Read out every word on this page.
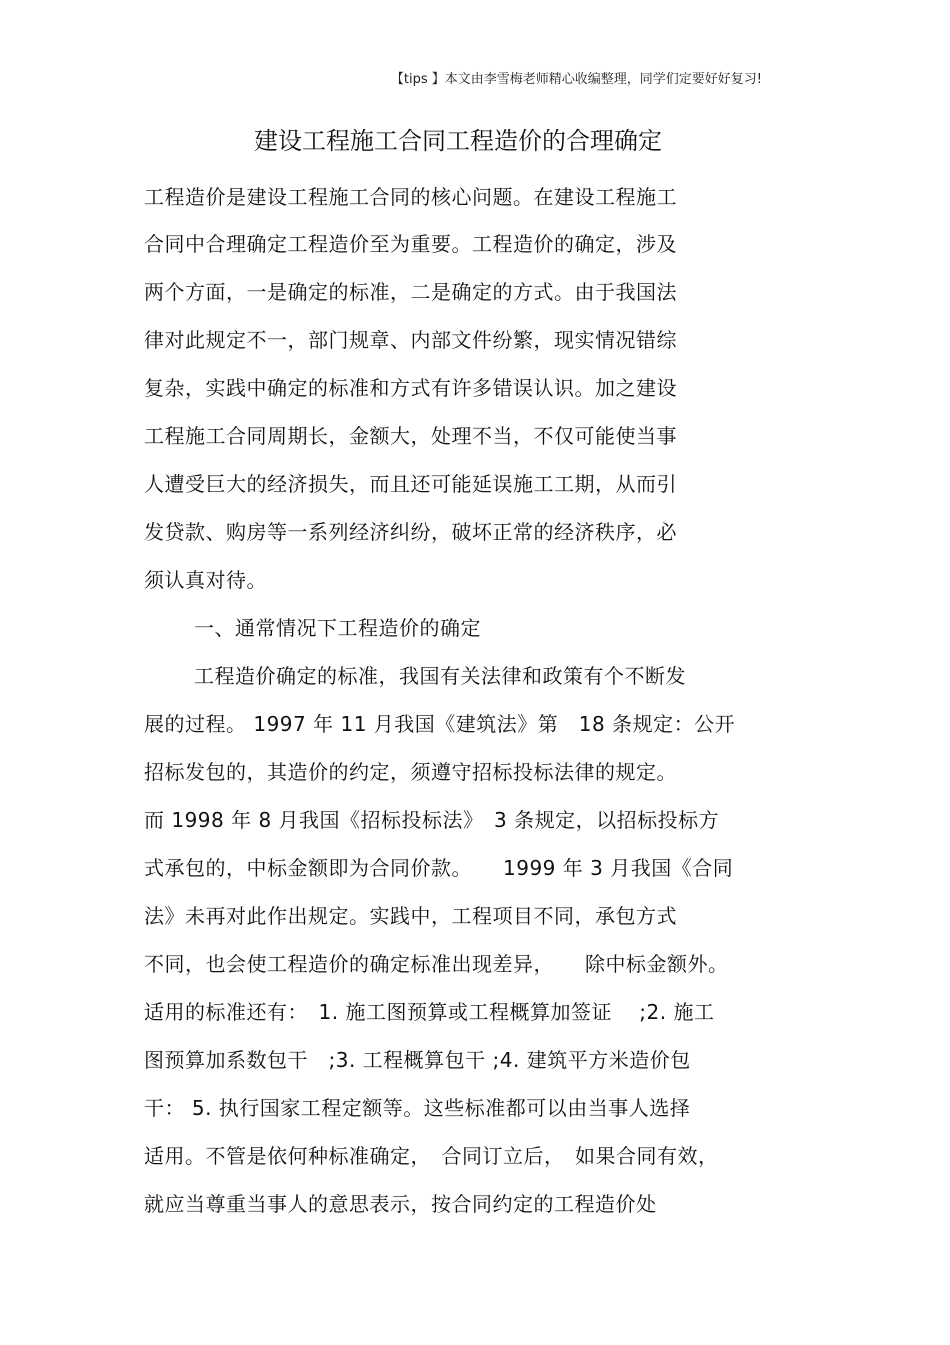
【tips 】本文由李雪梅老师精心收编整理，同学们定要好好复习!
建设工程施工合同工程造价的合理确定
工程造价是建设工程施工合同的核心问题。在建设工程施工
合同中合理确定工程造价至为重要。工程造价的确定，涉及
两个方面，一是确定的标准，二是确定的方式。由于我国法
律对此规定不一，部门规章、内部文件纷繁，现实情况错综
复杂，实践中确定的标准和方式有许多错误认识。加之建设
工程施工合同周期长，金额大，处理不当，不仅可能使当事
人遭受巨大的经济损失，而且还可能延误施工工期，从而引
发贷款、购房等一系列经济纠纷，破坏正常的经济秩序，必
须认真对待。
一、通常情况下工程造价的确定
工程造价确定的标准，我国有关法律和政策有个不断发
展的过程。 1997 年 11 月我国《建筑法》第　18 条规定：公开
招标发包的，其造价的约定，须遵守招标投标法律的规定。
而 1998 年 8 月我国《招标投标法》　3 条规定，以招标投标方
式承包的，中标金额即为合同价款。　　1999 年 3 月我国《合同
法》未再对此作出规定。实践中，工程项目不同，承包方式
不同，也会使工程造价的确定标准出现差异，　　除中标金额外。
适用的标准还有：　1. 施工图预算或工程概算加签证　 ;2. 施工
图预算加系数包干　;3. 工程概算包干 ;4. 建筑平方米造价包
干： 5. 执行国家工程定额等。这些标准都可以由当事人选择
适用。不管是依何种标准确定，　合同订立后，　如果合同有效，
就应当尊重当事人的意思表示，按合同约定的工程造价处
